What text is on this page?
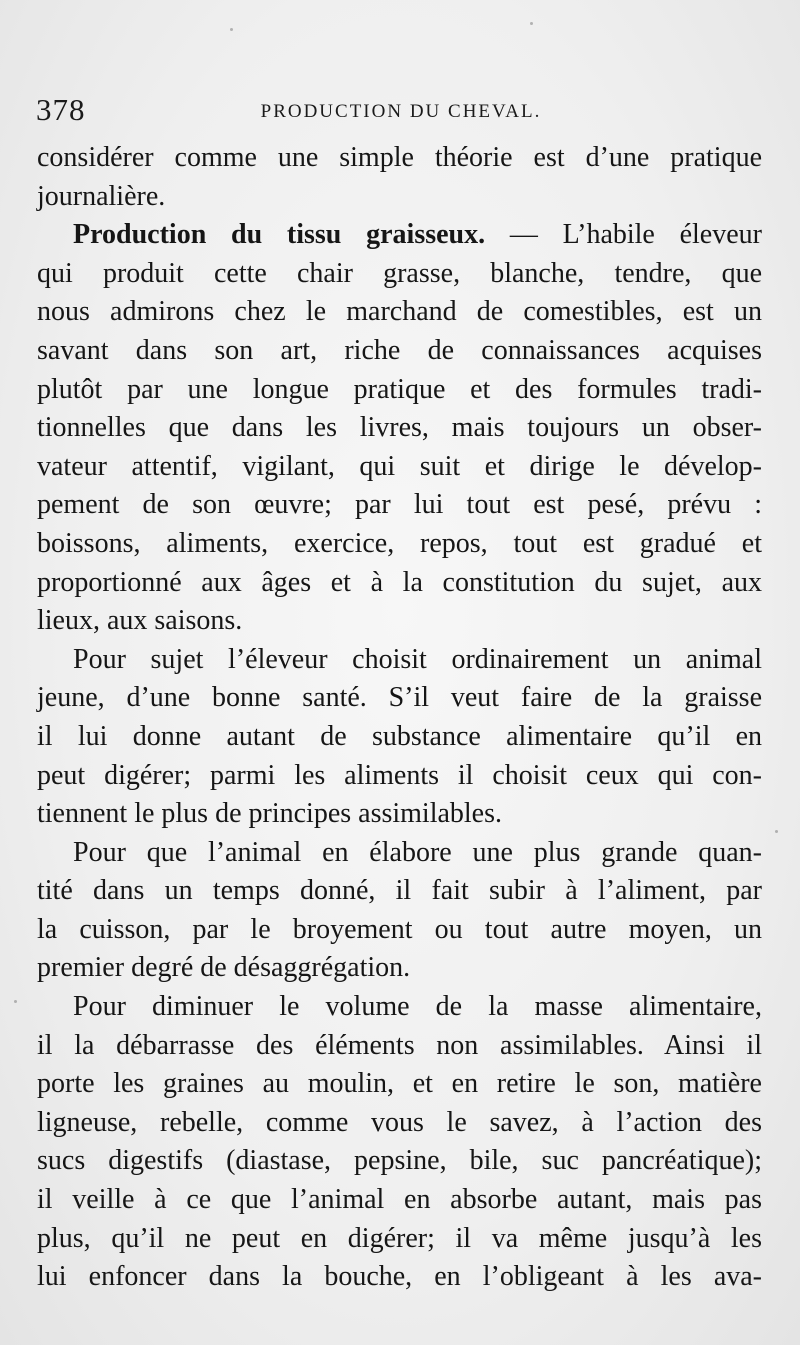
378	PRODUCTION DU CHEVAL.
considérer comme une simple théorie est d’une pratique
journalière.
Production du tissu graisseux. — L’habile éleveur
qui produit cette chair grasse, blanche, tendre, que
nous admirons chez le marchand de comestibles, est un
savant dans son art, riche de connaissances acquises
plutôt par une longue pratique et des formules tradi-
tionnelles que dans les livres, mais toujours un obser-
vateur attentif, vigilant, qui suit et dirige le dévelop-
pement de son œuvre; par lui tout est pesé, prévu :
boissons, aliments, exercice, repos, tout est gradué et
proportionné aux âges et à la constitution du sujet, aux
lieux, aux saisons.
Pour sujet l’éleveur choisit ordinairement un animal
jeune, d’une bonne santé. S’il veut faire de la graisse
il lui donne autant de substance alimentaire qu’il en
peut digérer; parmi les aliments il choisit ceux qui con-
tiennent le plus de principes assimilables.
Pour que l’animal en élabore une plus grande quan-
tité dans un temps donné, il fait subir à l’aliment, par
la cuisson, par le broyement ou tout autre moyen, un
premier degré de désaggrégation.
Pour diminuer le volume de la masse alimentaire,
il la débarrasse des éléments non assimilables. Ainsi il
porte les graines au moulin, et en retire le son, matière
ligneuse, rebelle, comme vous le savez, à l’action des
sucs digestifs (diastase, pepsine, bile, suc pancréatique);
il veille à ce que l’animal en absorbe autant, mais pas
plus, qu’il ne peut en digérer; il va même jusqu’à les
lui enfoncer dans la bouche, en l’obligeant à les ava-
